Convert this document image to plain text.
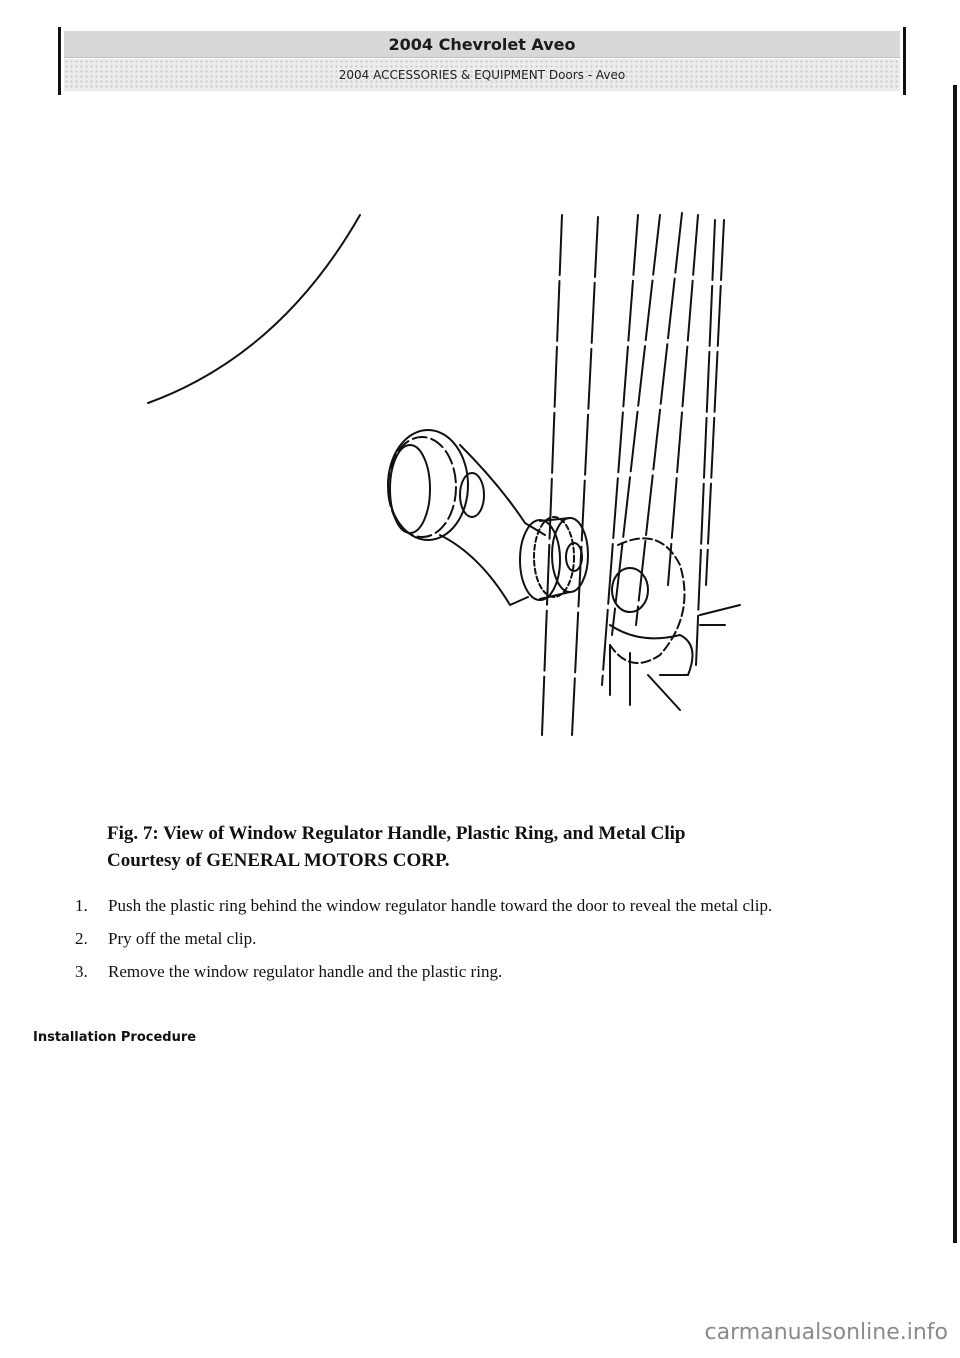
2004 Chevrolet Aveo
2004 ACCESSORIES & EQUIPMENT Doors - Aveo
Fig. 7: View of Window Regulator Handle, Plastic Ring, and Metal Clip
Courtesy of GENERAL MOTORS CORP.
1. Push the plastic ring behind the window regulator handle toward the door to reveal the metal clip.
2. Pry off the metal clip.
3. Remove the window regulator handle and the plastic ring.
Installation Procedure
carmanualsonline.info
